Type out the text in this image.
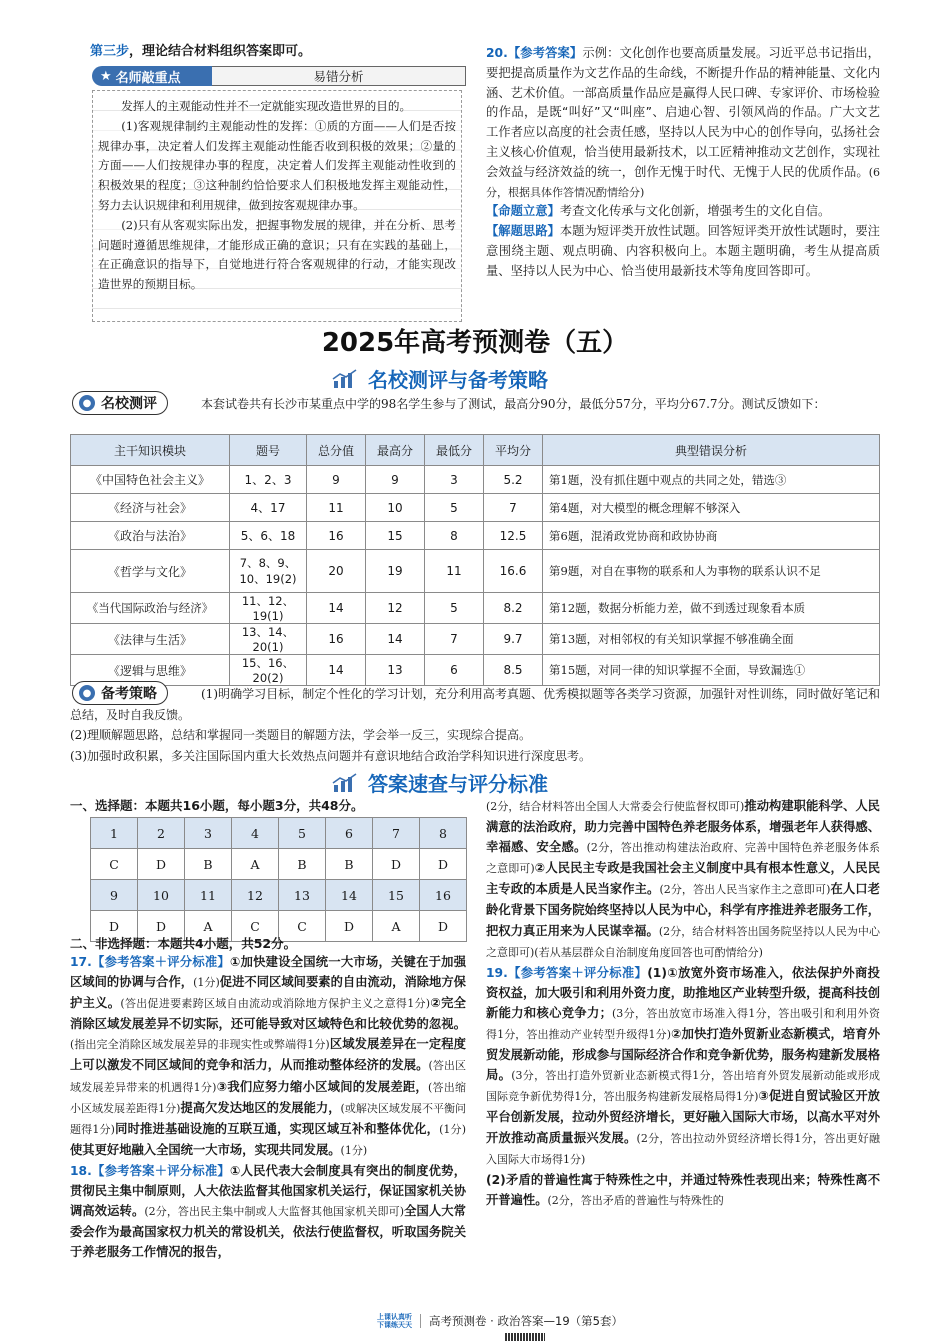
第三步，理论结合材料组织答案即可。

★ 名师敲重点	易错分析

发挥人的主观能动性并不一定就能实现改造世界的目的。

(1)客观规律制约主观能动性的发挥：①质的方面——人们是否按规律办事，决定着人们发挥主观能动性能否收到积极的效果；②量的方面——人们按规律办事的程度，决定着人们发挥主观能动性收到的积极效果的程度；③这种制约恰恰要求人们积极地发挥主观能动性，努力去认识规律和利用规律，做到按客观规律办事。

(2)只有从客观实际出发，把握事物发展的规律，并在分析、思考问题时遵循思维规律，才能形成正确的意识；只有在实践的基础上，在正确意识的指导下，自觉地进行符合客观规律的行动，才能实现改造世界的预期目标。

20.【参考答案】示例：文化创作也要高质量发展。习近平总书记指出，要把提高质量作为文艺作品的生命线，不断提升作品的精神能量、文化内涵、艺术价值。一部高质量作品应是赢得人民口碑、专家评价、市场检验的作品，是既“叫好”又“叫座”、启迪心智、引领风尚的作品。广大文艺工作者应以高度的社会责任感，坚持以人民为中心的创作导向，弘扬社会主义核心价值观，恰当使用最新技术，以工匠精神推动文艺创作，实现社会效益与经济效益的统一，创作无愧于时代、无愧于人民的优质作品。(6分，根据具体作答情况酌情给分)

【命题立意】考查文化传承与文化创新，增强考生的文化自信。

【解题思路】本题为短评类开放性试题。回答短评类开放性试题时，要注意围绕主题、观点明确、内容积极向上。本题主题明确，考生从提高质量、坚持以人民为中心、恰当使用最新技术等角度回答即可。

2025年高考预测卷（五）
名校测评与备考策略
● 名校测评	本套试卷共有长沙市某重点中学的98名学生参与了测试，最高分90分，最低分57分，平均分67.7分。测试反馈如下：
主干知识模块	题号	总分值	最高分	最低分	平均分	典型错误分析
《中国特色社会主义》	1、2、3	9	9	3	5.2	第1题，没有抓住题中观点的共同之处，错选③
《经济与社会》	4、17	11	10	5	7	第4题，对大模型的概念理解不够深入
《政治与法治》	5、6、18	16	15	8	12.5	第6题，混淆政党协商和政协协商
《哲学与文化》	7、8、9、10、19(2)	20	19	11	16.6	第9题，对自在事物的联系和人为事物的联系认识不足
《当代国际政治与经济》	11、12、19(1)	14	12	5	8.2	第12题，数据分析能力差，做不到透过现象看本质
《法律与生活》	13、14、20(1)	16	14	7	9.7	第13题，对相邻权的有关知识掌握不够准确全面
《逻辑与思维》	15、16、20(2)	14	13	6	8.5	第15题，对同一律的知识掌握不全面，导致漏选①
● 备考策略	(1)明确学习目标，制定个性化的学习计划，充分利用高考真题、优秀模拟题等各类学习资源，加强针对性训练，同时做好笔记和总结，及时自我反馈。

(2)理顺解题思路，总结和掌握同一类题目的解题方法，学会举一反三，实现综合提高。

(3)加强时政积累，多关注国际国内重大长效热点问题并有意识地结合政治学科知识进行深度思考。

答案速查与评分标准
一、选择题：本题共16小题，每小题3分，共48分。
1	2	3	4	5	6	7	8
C	D	B	A	B	B	D	D
9	10	11	12	13	14	15	16
D	D	A	C	C	D	A	D
二、非选择题：本题共4小题，共52分。

17.【参考答案＋评分标准】①加快建设全国统一大市场，关键在于加强区域间的协调与合作，(1分)促进不同区域间要素的自由流动，消除地方保护主义。(答出促进要素跨区域自由流动或消除地方保护主义之意得1分)②完全消除区域发展差异不切实际，还可能导致对区域特色和比较优势的忽视。(指出完全消除区域发展差异的非现实性或弊端得1分)区域发展差异在一定程度上可以激发不同区域间的竞争和活力，从而推动整体经济的发展。(答出区域发展差异带来的机遇得1分)③我们应努力缩小区域间的发展差距，(答出缩小区域发展差距得1分)提高欠发达地区的发展能力，(或解决区域发展不平衡问题得1分)同时推进基础设施的互联互通，实现区域互补和整体优化，(1分)使其更好地融入全国统一大市场，实现共同发展。(1分)

18.【参考答案＋评分标准】①人民代表大会制度具有突出的制度优势，贯彻民主集中制原则，人大依法监督其他国家机关运行，保证国家机关协调高效运转。(2分，答出民主集中制或人大监督其他国家机关即可)全国人大常委会作为最高国家权力机关的常设机关，依法行使监督权，听取国务院关于养老服务工作情况的报告，

(2分，结合材料答出全国人大常委会行使监督权即可)推动构建职能科学、人民满意的法治政府，助力完善中国特色养老服务体系，增强老年人获得感、幸福感、安全感。(2分，答出推动构建法治政府、完善中国特色养老服务体系之意即可)②人民民主专政是我国社会主义制度中具有根本性意义，人民民主专政的本质是人民当家作主。(2分，答出人民当家作主之意即可)在人口老龄化背景下国务院始终坚持以人民为中心，科学有序推进养老服务工作，把权力真正用来为人民谋幸福。(2分，结合材料答出国务院坚持以人民为中心之意即可)(若从基层群众自治制度角度回答也可酌情给分)

19.【参考答案＋评分标准】(1)①放宽外资市场准入，依法保护外商投资权益，加大吸引和利用外资力度，助推地区产业转型升级，提高科技创新能力和核心竞争力；(3分，答出放宽市场准入得1分，答出吸引和利用外资得1分，答出推动产业转型升级得1分)②加快打造外贸新业态新模式，培育外贸发展新动能，形成参与国际经济合作和竞争新优势，服务构建新发展格局。(3分，答出打造外贸新业态新模式得1分，答出培育外贸发展新动能或形成国际竞争新优势得1分，答出服务构建新发展格局得1分)③促进自贸试验区开放平台创新发展，拉动外贸经济增长，更好融入国际大市场，以高水平对外开放推动高质量振兴发展。(2分，答出拉动外贸经济增长得1分，答出更好融入国际大市场得1分)

(2)矛盾的普遍性寓于特殊性之中，并通过特殊性表现出来；特殊性离不开普遍性。(2分，答出矛盾的普遍性与特殊性的

上课认真听
下课练天天 高考预测卷 · 政治答案—19（第5套）
